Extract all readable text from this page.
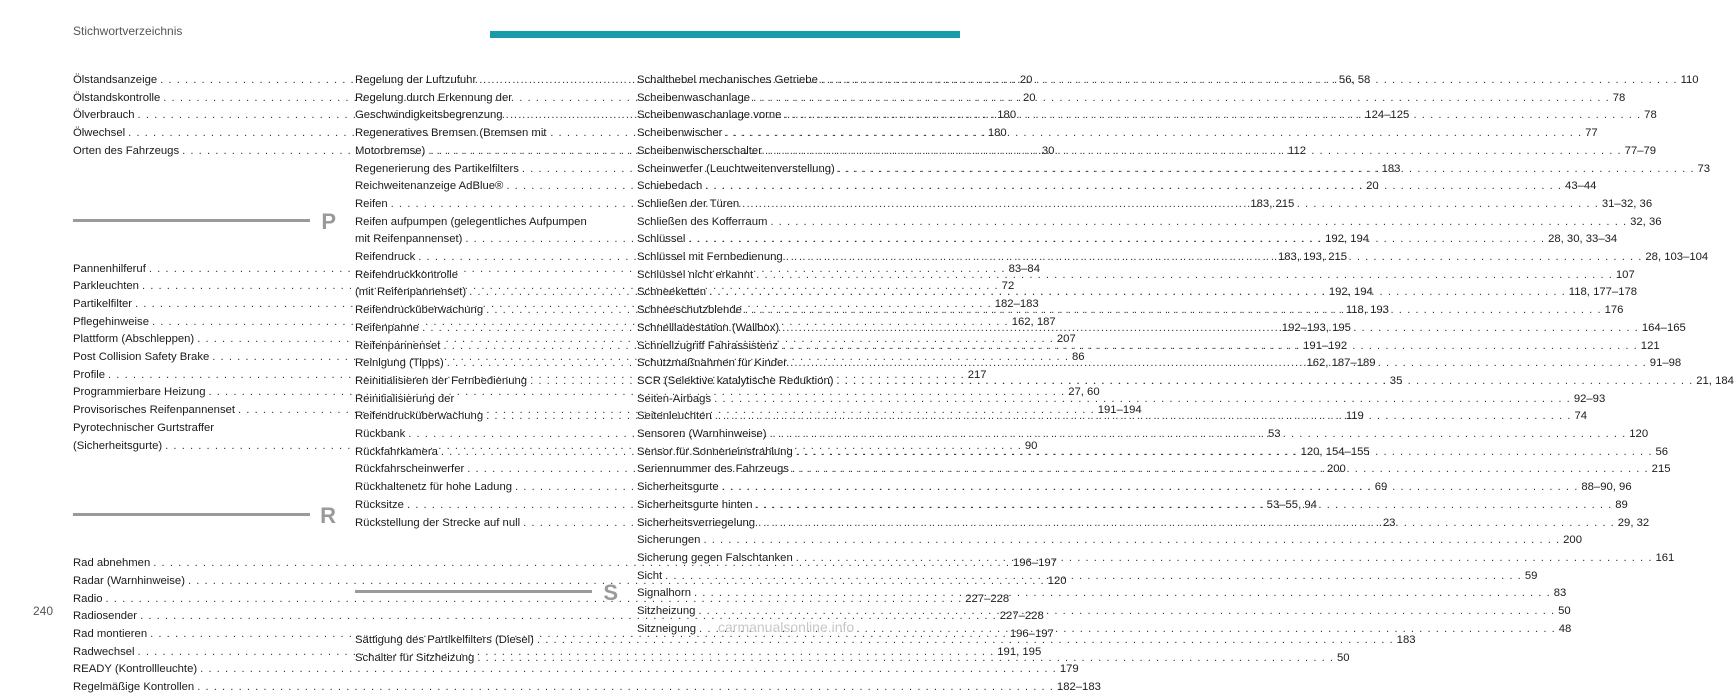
Stichwortverzeichnis
Ölstandsanzeige . . .	20
Ölstandskontrolle . . .	20
Ölverbrauch . . .	180
Ölwechsel . . .	180
Orten des Fahrzeugs . . .	30
P
Pannenhilferuf . . .	83–84
Parkleuchten . . .	72
Partikelfilter . . .	182–183
Pflegehinweise . . .	162, 187
Plattform (Abschleppen) . . .	207
Post Collision Safety Brake . . .	86
Profile . . .	217
Programmierbare Heizung . . .	27, 60
Provisorisches Reifenpannenset . . .	191–194
Pyrotechnischer Gurtstraffer
(Sicherheitsgurte) . . .	90
R
Rad abnehmen . . .	196–197
Radar (Warnhinweise) . . .	120
Radio . . .	227–228
Radiosender . . .	227–228
Rad montieren . . .	196–197
Radwechsel . . .	191, 195
READY (Kontrollleuchte) . . .	179
Regelmäßige Kontrollen . . .	182–183
Regelung der Luftzufuhr . . .	56, 58
Regelung durch Erkennung der
Geschwindigkeitsbegrenzung . . .	124–125
Regeneratives Bremsen (Bremsen mit
Motorbremse) . . .	112
Regenerierung des Partikelfilters . . .	183
Reichweitenanzeige AdBlue® . . .	20
Reifen . . .	183, 215
Reifen aufpumpen (gelegentliches Aufpumpen
mit Reifenpannenset) . . .	192, 194
Reifendruck . . .	183, 193, 215
Reifendruckkontrolle
(mit Reifenpannenset) . . .	192, 194
Reifendrucküberwachung . . .	118, 193
Reifenpanne . . .	192–193, 195
Reifenpannenset . . .	191–192
Reinigung (Tipps) . . .	162, 187–189
Reinitialisieren der Fernbedienung . . .	35
Reinitialisierung der
Reifendrucküberwachung . . .	119
Rückbank . . .	53
Rückfahrkamera . . .	120, 154–155
Rückfahrscheinwerfer . . .	200
Rückhaltenetz für hohe Ladung . . .	69
Rücksitze . . .	53–55, 94
Rückstellung der Strecke auf null . . .	23
S
Sättigung des Partikelfilters (Diesel) . . .	183
Schalter für Sitzheizung . . .	50
Schalthebel mechanisches Getriebe . . .	110
Scheibenwaschanlage . . .	78
Scheibenwaschanlage vorne . . .	78
Scheibenwischer . . .	77
Scheibenwischerschalter . . .	77–79
Scheinwerfer (Leuchtweitenverstellung) . . .	73
Schiebedach . . .	43–44
Schließen der Türen . . .	31–32, 36
Schließen des Kofferraum . . .	32, 36
Schlüssel . . .	28, 30, 33–34
Schlüssel mit Fernbedienung . . .	28, 103–104
Schlüssel nicht erkannt . . .	107
Schneeketten . . .	118, 177–178
Schneeschutzblende . . .	176
Schnellladestation (Wallbox) . . .	164–165
Schnellzugriff Fahrassistenz . . .	121
Schutzmaßnahmen für Kinder . . .	91–98
SCR (Selektive katalytische Reduktion) . . .	21, 184
Seiten-Airbags . . .	92–93
Seitenleuchten . . .	74
Sensoren (Warnhinweise) . . .	120
Sensor für Sonneneinstrahlung . . .	56
Seriennummer des Fahrzeugs . . .	215
Sicherheitsgurte . . .	88–90, 96
Sicherheitsgurte hinten . . .	89
Sicherheitsverriegelung . . .	29, 32
Sicherungen . . .	200
Sicherung gegen Falschtanken . . .	161
Sicht . . .	59
Signalhorn . . .	83
Sitzheizung . . .	50
Sitzneigung . . .	48
240
carmanualsonline.info
